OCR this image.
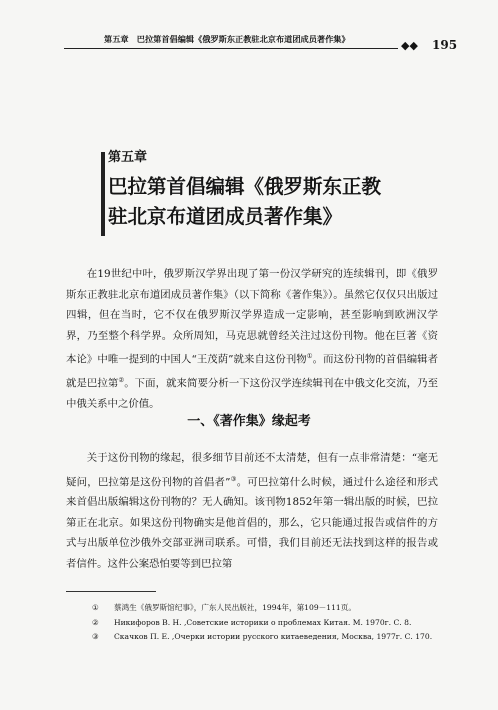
第五章　巴拉第首倡编辑《俄罗斯东正教驻北京布道团成员著作集》	◆◆ 195
第五章
巴拉第首倡编辑《俄罗斯东正教
驻北京布道团成员著作集》
在19世纪中叶，俄罗斯汉学界出现了第一份汉学研究的连续辑刊，即《俄罗斯东正教驻北京布道团成员著作集》（以下简称《著作集》）。虽然它仅仅只出版过四辑，但在当时，它不仅在俄罗斯汉学界造成一定影响，甚至影响到欧洲汉学界，乃至整个科学界。众所周知，马克思就曾经关注过这份刊物。他在巨著《资本论》中唯一提到的中国人“王茂荫”就来自这份刊物①。而这份刊物的首倡编辑者就是巴拉第②。下面，就来简要分析一下这份汉学连续辑刊在中俄文化交流，乃至中俄关系中之价值。
一、《著作集》缘起考
关于这份刊物的缘起，很多细节目前还不太清楚，但有一点非常清楚：“毫无疑问，巴拉第是这份刊物的首倡者”③。可巴拉第什么时候，通过什么途径和形式来首倡出版编辑这份刊物的？无人确知。该刊物1852年第一辑出版的时候，巴拉第正在北京。如果这份刊物确实是他首倡的，那么，它只能通过报告或信件的方式与出版单位沙俄外交部亚洲司联系。可惜，我们目前还无法找到这样的报告或者信件。这件公案恐怕要等到巴拉第
①	蔡鸿生《俄罗斯馆纪事》，广东人民出版社，1994年，第109－111页。
②	Никифоров В. Н. ,Советские историки о проблемах Китая. М. 1970г. С. 8.
③	Скачков П. Е. ,Очерки истории русского китаеведения, Москва, 1977г. С. 170.
